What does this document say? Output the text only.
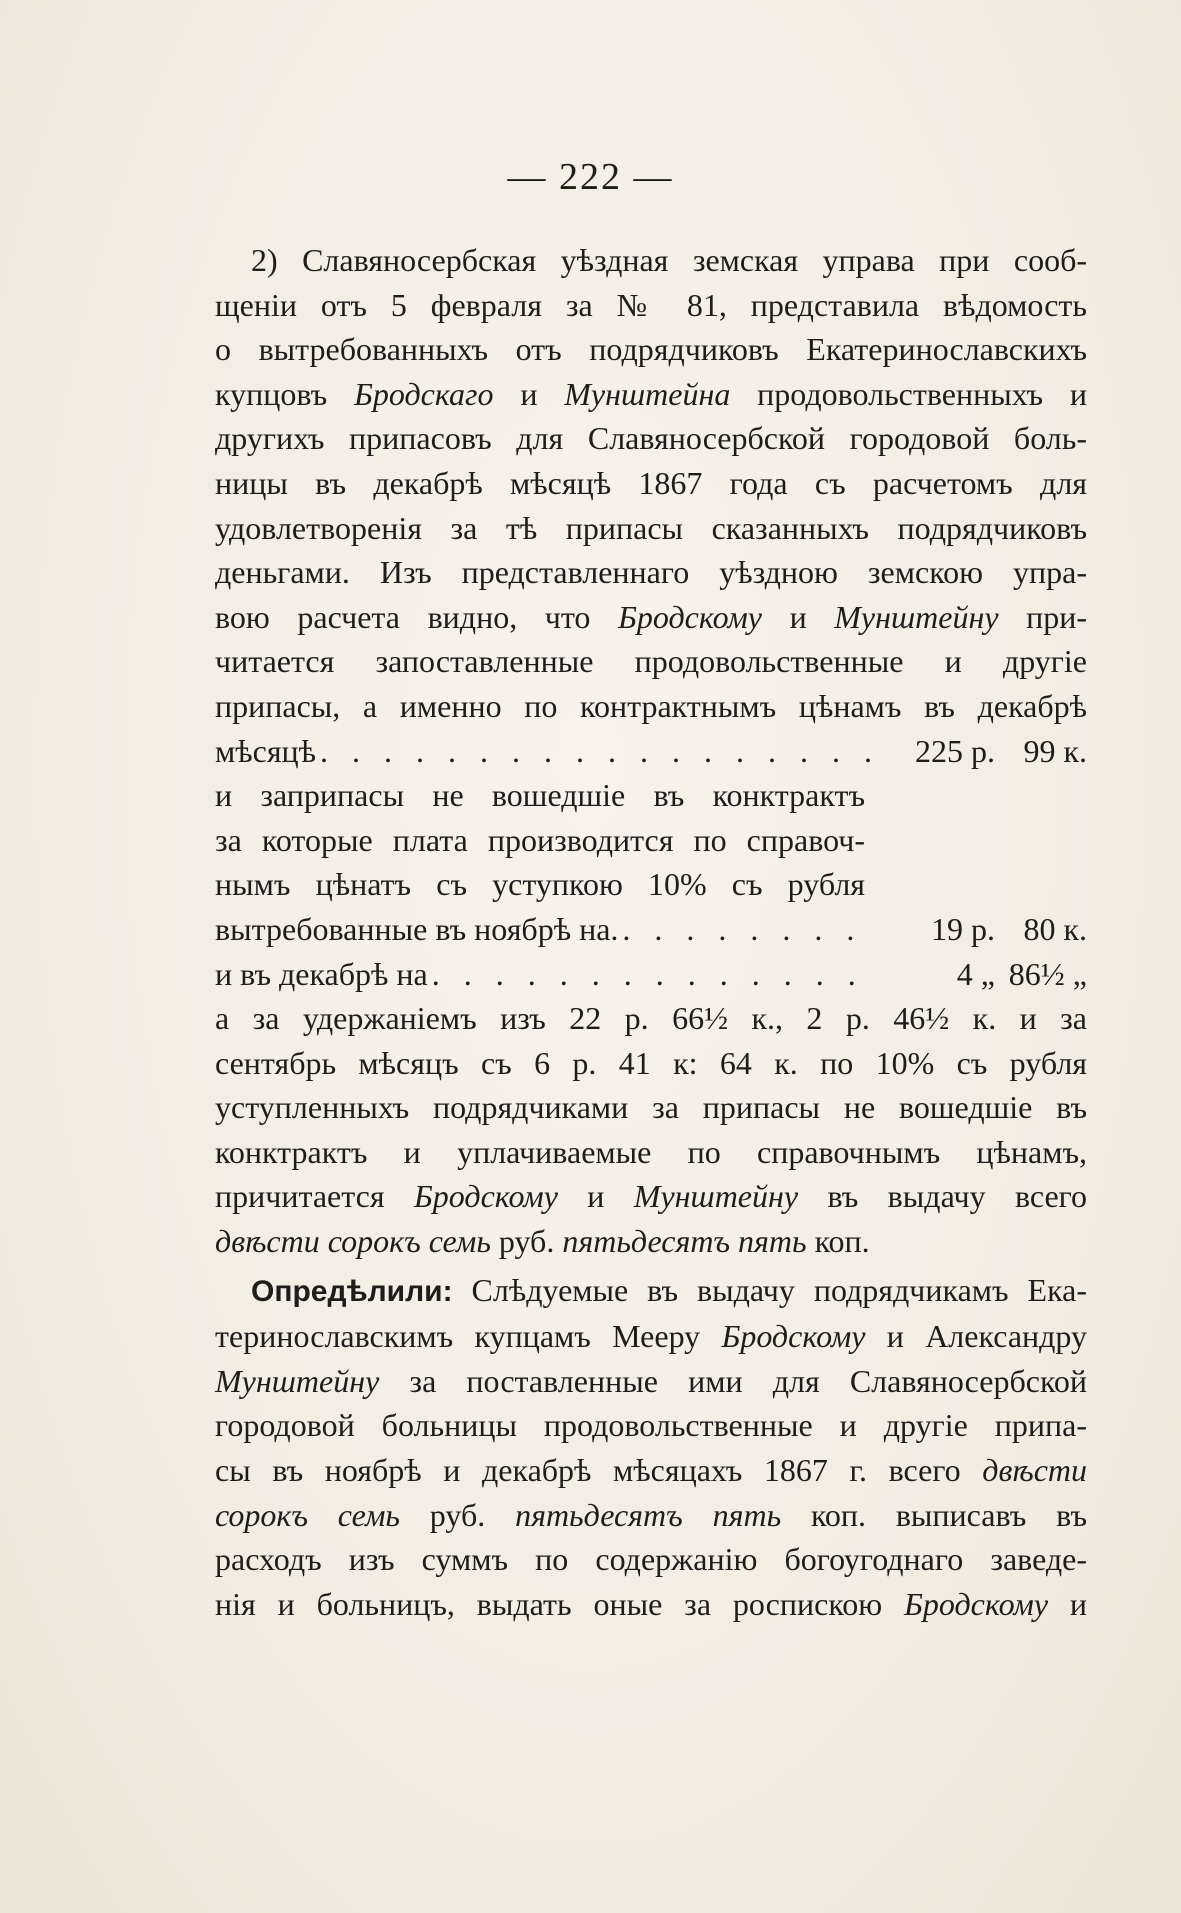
— 222 —
2) Славяносербская уѣздная земская управа при сооб-
щеніи отъ 5 февраля за № 81, представила вѣдомость
о вытребованныхъ отъ подрядчиковъ Екатеринославскихъ
купцовъ Бродскаго и Мунштейна продовольственныхъ и
другихъ припасовъ для Славяносербской городовой боль-
ницы въ декабрѣ мѣсяцѣ 1867 года съ расчетомъ для
удовлетворенія за тѣ припасы сказанныхъ подрядчиковъ
деньгами. Изъ представленнаго уѣздною земскою упра-
вою расчета видно, что Бродскому и Мунштейну при-
читается запоставленные продовольственные и другіе
припасы, а именно по контрактнымъ цѣнамъ въ декабрѣ
мѣсяцѣ . . .	225 р. 99 к.
и заприпасы не вошедшіе въ конктрактъ
за которые плата производится по справоч-
нымъ цѣнатъ съ уступкою 10% съ рубля
вытребованные въ ноябрѣ на. . . .	19 р. 80 к.
и въ декабрѣ на . . .	4 „ 86½ „
а за удержаніемъ изъ 22 р. 66½ к., 2 р. 46½ к. и за
сентябрь мѣсяцъ съ 6 р. 41 к: 64 к. по 10% съ рубля
уступленныхъ подрядчиками за припасы не вошедшіе въ
конктрактъ и уплачиваемые по справочнымъ цѣнамъ,
причитается Бродскому и Мунштейну въ выдачу всего
двѣсти сорокъ семь руб. пятьдесятъ пять коп.
Опредѣлили: Слѣдуемые въ выдачу подрядчикамъ Ека-
теринославскимъ купцамъ Мееру Бродскому и Александру
Мунштейну за поставленные ими для Славяносербской
городовой больницы продовольственные и другіе припа-
сы въ ноябрѣ и декабрѣ мѣсяцахъ 1867 г. всего двѣсти
сорокъ семь руб. пятьдесятъ пять коп. выписавъ въ
расходъ изъ суммъ по содержанію богоугоднаго заведе-
нія и больницъ, выдать оные за роспискою Бродскому и
